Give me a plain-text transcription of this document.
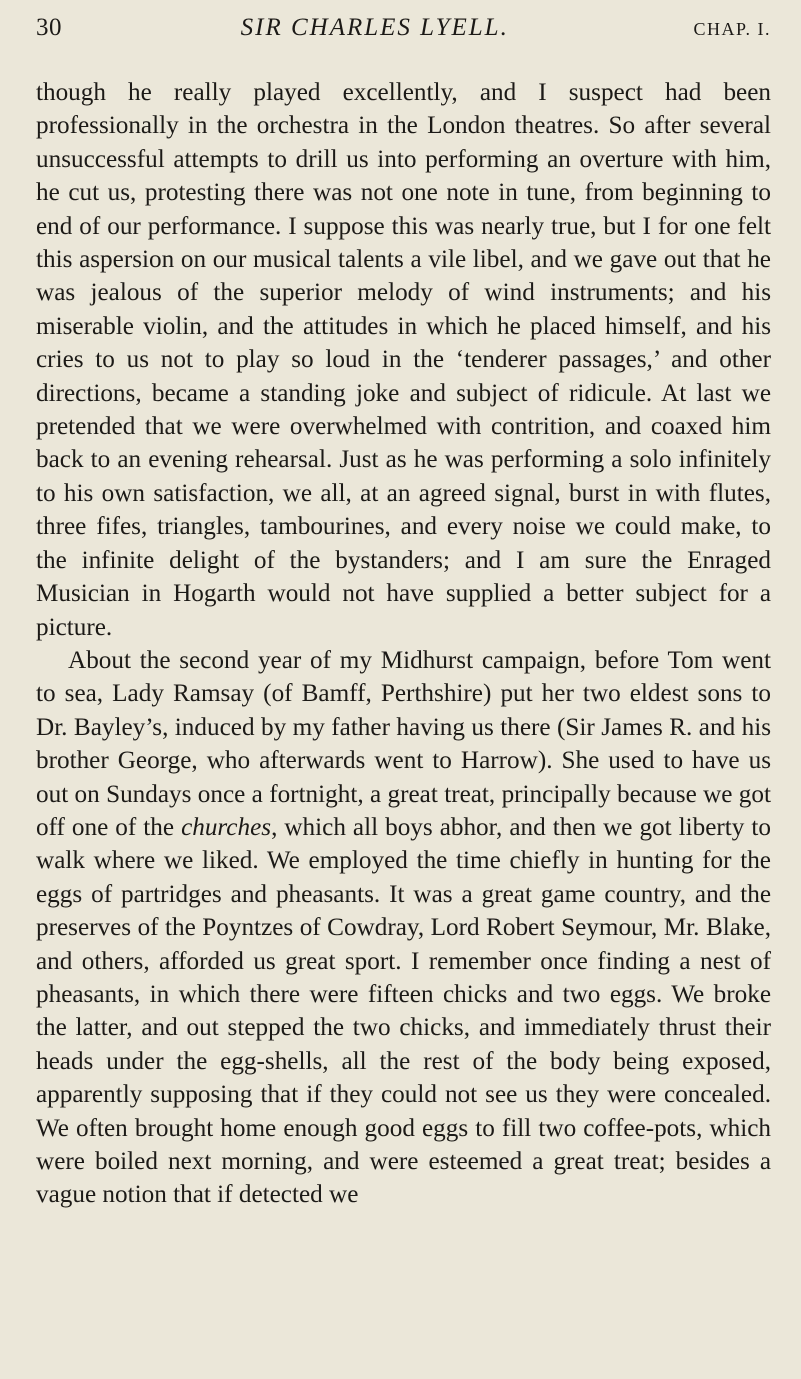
30	SIR CHARLES LYELL.	CHAP. I.

though he really played excellently, and I suspect had been professionally in the orchestra in the London theatres. So after several unsuccessful attempts to drill us into performing an overture with him, he cut us, protesting there was not one note in tune, from beginning to end of our performance. I suppose this was nearly true, but I for one felt this aspersion on our musical talents a vile libel, and we gave out that he was jealous of the superior melody of wind instruments; and his miserable violin, and the attitudes in which he placed himself, and his cries to us not to play so loud in the ‘tenderer passages,’ and other directions, became a standing joke and subject of ridicule. At last we pretended that we were overwhelmed with contrition, and coaxed him back to an evening rehearsal. Just as he was performing a solo infinitely to his own satisfaction, we all, at an agreed signal, burst in with flutes, three fifes, triangles, tambourines, and every noise we could make, to the infinite delight of the bystanders; and I am sure the Enraged Musician in Hogarth would not have supplied a better subject for a picture.

About the second year of my Midhurst campaign, before Tom went to sea, Lady Ramsay (of Bamff, Perthshire) put her two eldest sons to Dr. Bayley’s, induced by my father having us there (Sir James R. and his brother George, who afterwards went to Harrow). She used to have us out on Sundays once a fortnight, a great treat, principally because we got off one of the churches, which all boys abhor, and then we got liberty to walk where we liked. We employed the time chiefly in hunting for the eggs of partridges and pheasants. It was a great game country, and the preserves of the Poyntzes of Cowdray, Lord Robert Seymour, Mr. Blake, and others, afforded us great sport. I remember once finding a nest of pheasants, in which there were fifteen chicks and two eggs. We broke the latter, and out stepped the two chicks, and immediately thrust their heads under the egg-shells, all the rest of the body being exposed, apparently supposing that if they could not see us they were concealed. We often brought home enough good eggs to fill two coffee-pots, which were boiled next morning, and were esteemed a great treat; besides a vague notion that if detected we
